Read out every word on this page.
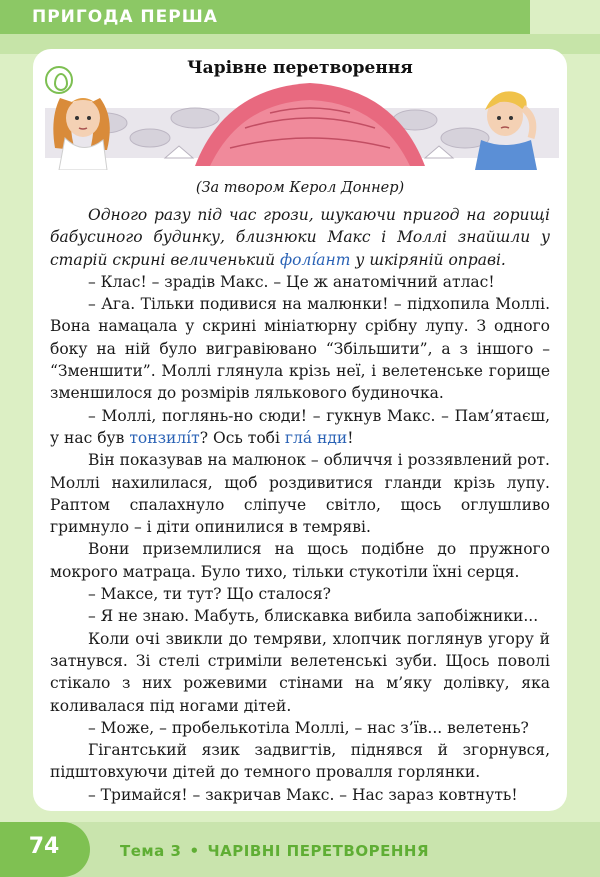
ПРИГОДА ПЕРША
Чарівне перетворення
(За твором Керол Доннер)

Одного разу під час грози, шукаючи пригод на горищі бабусиного будинку, близнюки Макс і Моллі знайшли у старій скрині величенький фолі́ант у шкіряній оправі.

– Клас! – зрадів Макс. – Це ж анатомічний атлас!

– Ага. Тільки подивися на малюнки! – підхопила Моллі. Вона намацала у скрині мініатюрну срібну лупу. З одного боку на ній було вигравіювано “Збільшити”, а з іншого – “Зменшити”. Моллі глянула крізь неї, і велетенське горище зменшилося до розмірів лялькового будиночка.

– Моллі, поглянь-но сюди! – гукнув Макс. – Пам’ятаєш, у нас був тонзилі́т? Ось тобі глá нди!

Він показував на малюнок – обличчя і роззявлений рот. Моллі нахилилася, щоб роздивитися гланди крізь лупу. Раптом спалахнуло сліпуче світло, щось оглушливо гримнуло – і діти опинилися в темряві.

Вони приземлилися на щось подібне до пружного мокрого матраца. Було тихо, тільки стукотіли їхні серця.

– Максе, ти тут? Що сталося?

– Я не знаю. Мабуть, блискавка вибила запобіжники...

Коли очі звикли до темряви, хлопчик поглянув угору й затнувся. Зі стелі стриміли велетенські зуби. Щось поволі стікало з них рожевими стінами на м’яку долівку, яка коливалася під ногами дітей.

– Може, – пробелькотіла Моллі, – нас з’їв... велетень?

Гігантський язик задвигтів, піднявся й згорнувся, підштовхуючи дітей до темного провалля горлянки.

– Тримайся! – закричав Макс. – Нас зараз ковтнуть!

74	Тема 3 • ЧАРІВНІ ПЕРЕТВОРЕННЯ
